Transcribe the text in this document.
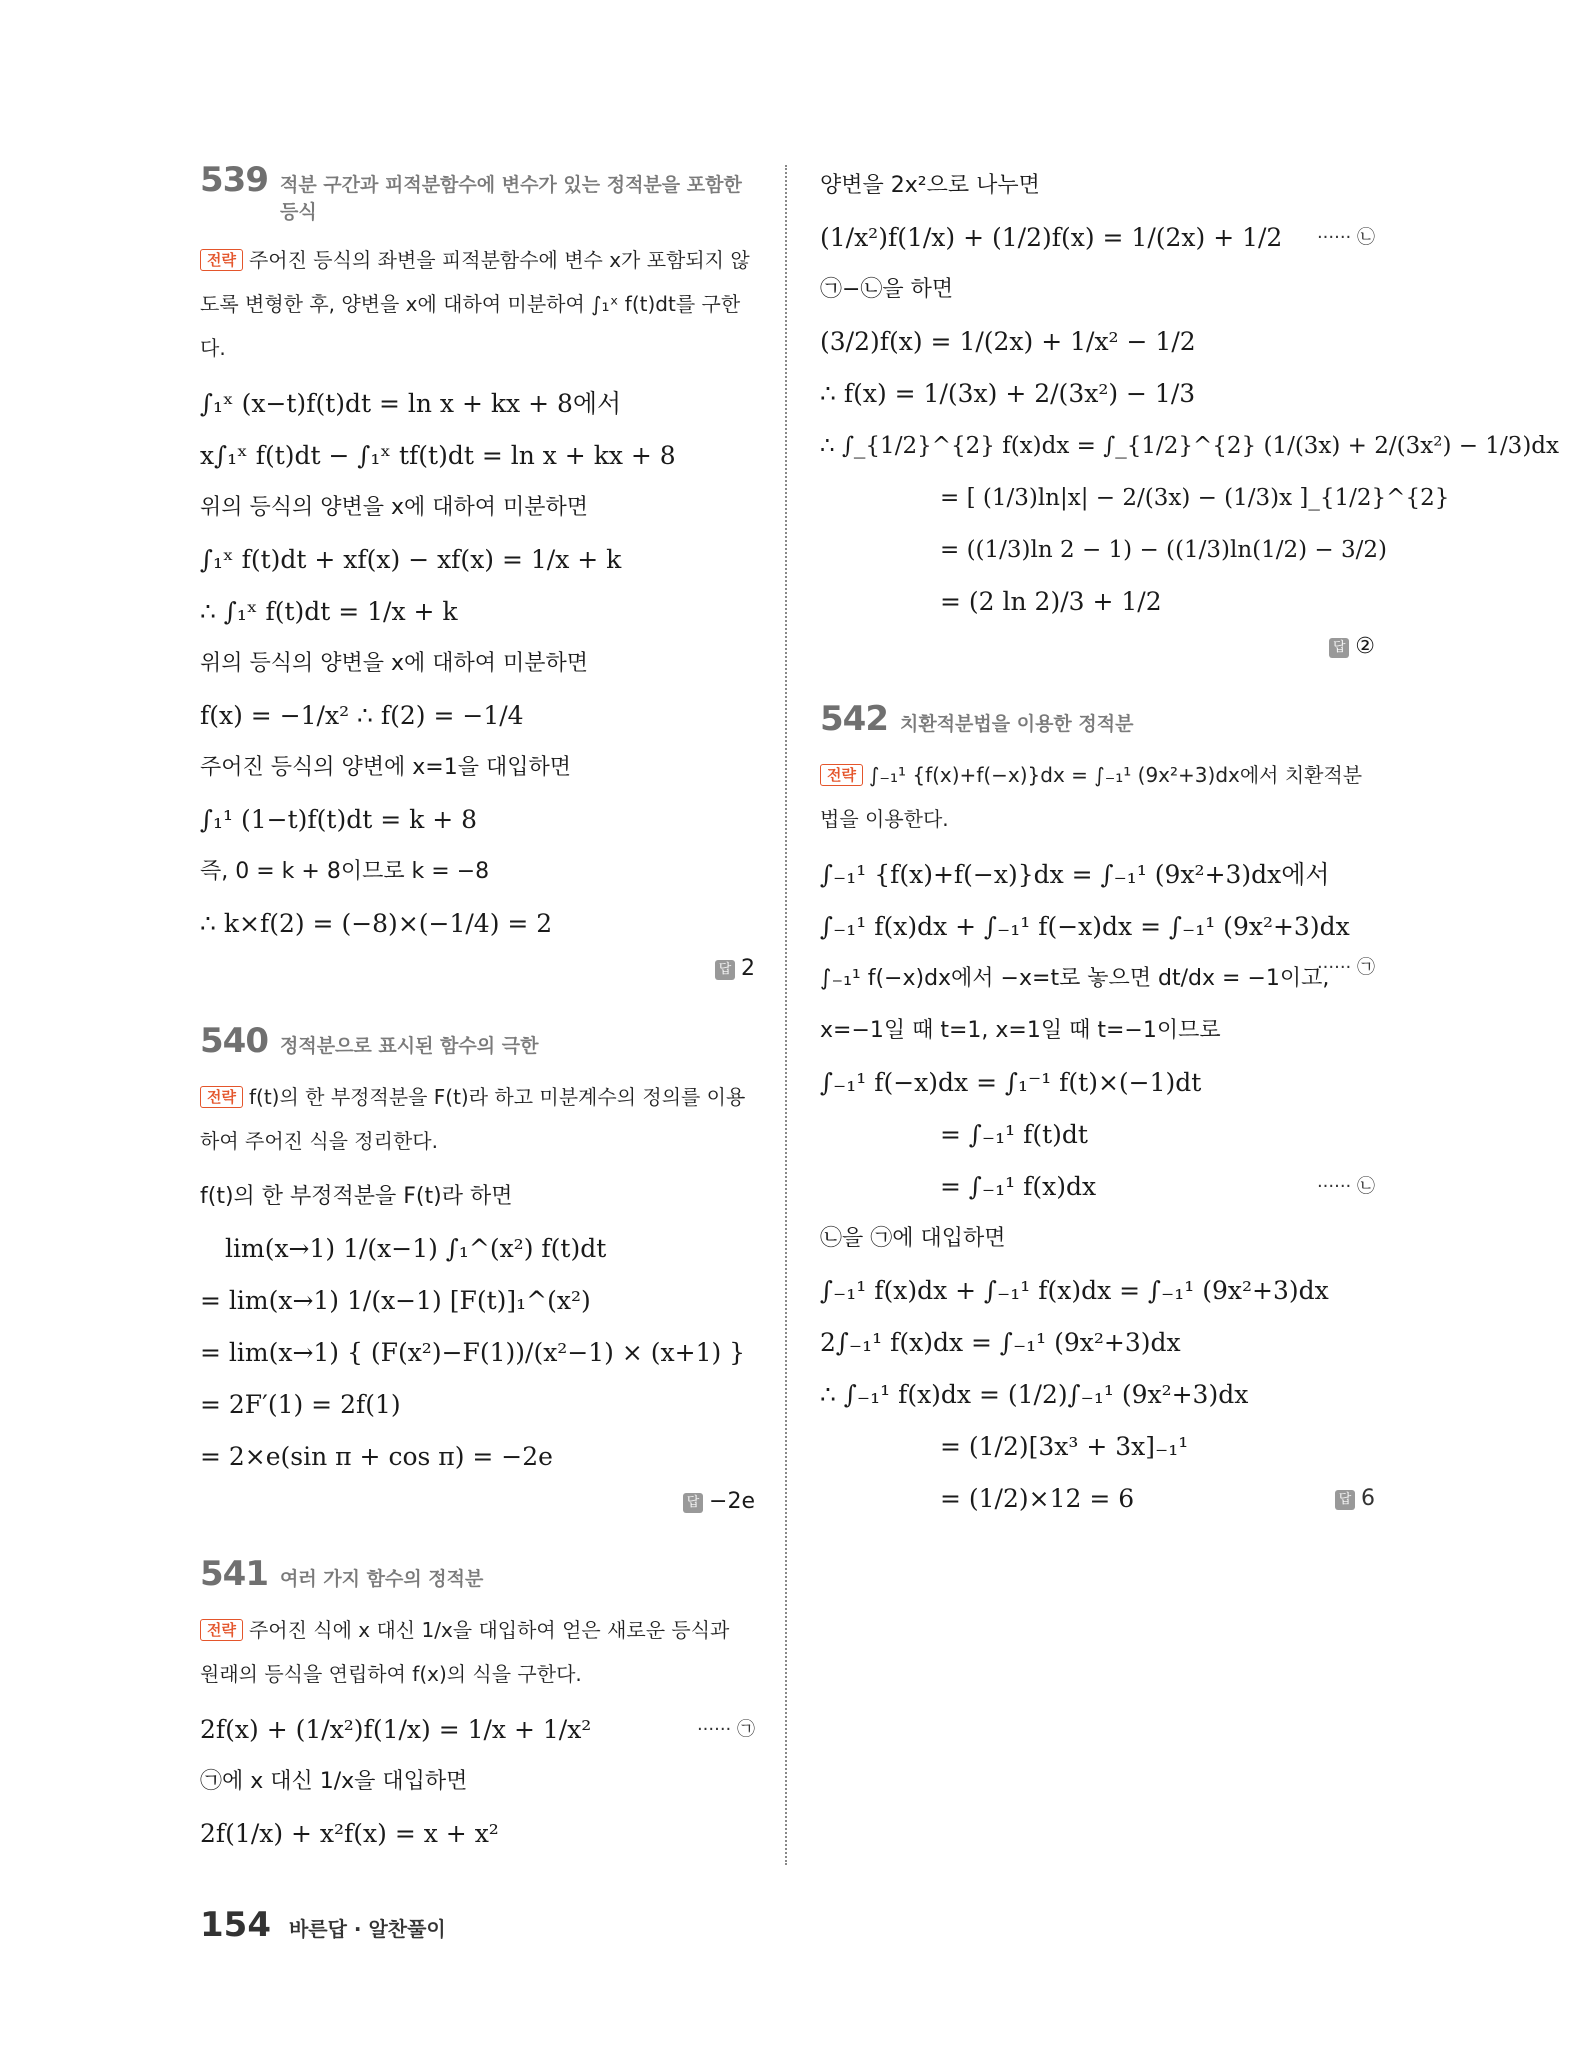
539 적분 구간과 피적분함수에 변수가 있는 정적분을 포함한 등식
전략 주어진 등식의 좌변을 피적분함수에 변수 x가 포함되지 않도록 변형한 후, 양변을 x에 대하여 미분하여 ∫₁ˣ f(t)dt를 구한다.
∫₁ˣ (x−t)f(t)dt = ln x + kx + 8에서
x∫₁ˣ f(t)dt − ∫₁ˣ tf(t)dt = ln x + kx + 8
위의 등식의 양변을 x에 대하여 미분하면
∫₁ˣ f(t)dt + xf(x) − xf(x) = 1/x + k
∴ ∫₁ˣ f(t)dt = 1/x + k
위의 등식의 양변을 x에 대하여 미분하면
f(x) = −1/x² ∴ f(2) = −1/4
주어진 등식의 양변에 x=1을 대입하면
∫₁¹ (1−t)f(t)dt = k + 8
즉, 0 = k + 8이므로 k = −8
∴ k×f(2) = (−8)×(−1/4) = 2
답 2
540 정적분으로 표시된 함수의 극한
전략 f(t)의 한 부정적분을 F(t)라 하고 미분계수의 정의를 이용하여 주어진 식을 정리한다.
f(t)의 한 부정적분을 F(t)라 하면
lim(x→1) 1/(x−1) ∫₁^(x²) f(t)dt
= lim(x→1) 1/(x−1) [F(t)]₁^(x²)
= lim(x→1) { (F(x²)−F(1))/(x²−1) × (x+1) }
= 2F′(1) = 2f(1)
= 2×e(sin π + cos π) = −2e
답 −2e
541 여러 가지 함수의 정적분
전략 주어진 식에 x 대신 1/x을 대입하여 얻은 새로운 등식과 원래의 등식을 연립하여 f(x)의 식을 구한다.
2f(x) + (1/x²)f(1/x) = 1/x + 1/x²	······ ㉠
㉠에 x 대신 1/x을 대입하면
2f(1/x) + x²f(x) = x + x²
양변을 2x²으로 나누면
(1/x²)f(1/x) + (1/2)f(x) = 1/(2x) + 1/2 ······ ㉡
㉠−㉡을 하면
(3/2)f(x) = 1/(2x) + 1/x² − 1/2
∴ f(x) = 1/(3x) + 2/(3x²) − 1/3
∴ ∫_{1/2}^{2} f(x)dx = ∫_{1/2}^{2} (1/(3x) + 2/(3x²) − 1/3)dx
= [ (1/3)ln|x| − 2/(3x) − (1/3)x ]_{1/2}^{2}
= ((1/3)ln 2 − 1) − ((1/3)ln(1/2) − 3/2)
= (2 ln 2)/3 + 1/2
답 ②
542 치환적분법을 이용한 정적분
전략 ∫₋₁¹ {f(x)+f(−x)}dx = ∫₋₁¹ (9x²+3)dx에서 치환적분법을 이용한다.
∫₋₁¹ {f(x)+f(−x)}dx = ∫₋₁¹ (9x²+3)dx에서
∫₋₁¹ f(x)dx + ∫₋₁¹ f(−x)dx = ∫₋₁¹ (9x²+3)dx
······ ㉠
∫₋₁¹ f(−x)dx에서 −x=t로 놓으면 dt/dx = −1이고,
x=−1일 때 t=1, x=1일 때 t=−1이므로
∫₋₁¹ f(−x)dx = ∫₁⁻¹ f(t)×(−1)dt
= ∫₋₁¹ f(t)dt
= ∫₋₁¹ f(x)dx	······ ㉡
㉡을 ㉠에 대입하면
∫₋₁¹ f(x)dx + ∫₋₁¹ f(x)dx = ∫₋₁¹ (9x²+3)dx
2∫₋₁¹ f(x)dx = ∫₋₁¹ (9x²+3)dx
∴ ∫₋₁¹ f(x)dx = (1/2)∫₋₁¹ (9x²+3)dx
= (1/2)[3x³ + 3x]₋₁¹
= (1/2)×12 = 6	답 6
154 바른답 · 알찬풀이
